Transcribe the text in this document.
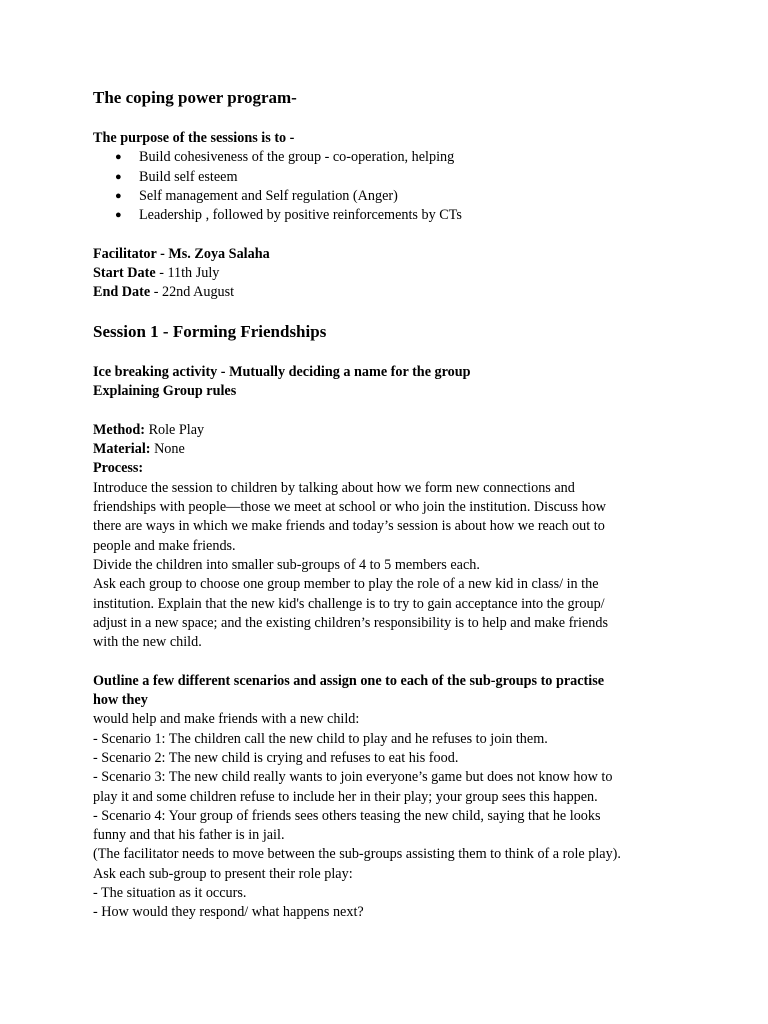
The coping power program-

The purpose of the sessions is to -

● Build cohesiveness of the group - co-operation, helping
● Build self esteem
● Self management and Self regulation (Anger)
● Leadership , followed by positive reinforcements by CTs

Facilitator - Ms. Zoya Salaha

Start Date - 11th July

End Date - 22nd August

Session 1 - Forming Friendships

Ice breaking activity - Mutually deciding a name for the group

Explaining Group rules

Method: Role Play

Material: None

Process:

Introduce the session to children by talking about how we form new connections and

friendships with people—those we meet at school or who join the institution. Discuss how

there are ways in which we make friends and today’s session is about how we reach out to

people and make friends.

Divide the children into smaller sub-groups of 4 to 5 members each.

Ask each group to choose one group member to play the role of a new kid in class/ in the

institution. Explain that the new kid's challenge is to try to gain acceptance into the group/

adjust in a new space; and the existing children’s responsibility is to help and make friends

with the new child.

Outline a few different scenarios and assign one to each of the sub-groups to practise

how they

would help and make friends with a new child:

- Scenario 1: The children call the new child to play and he refuses to join them.

- Scenario 2: The new child is crying and refuses to eat his food.

- Scenario 3: The new child really wants to join everyone’s game but does not know how to

play it and some children refuse to include her in their play; your group sees this happen.

- Scenario 4: Your group of friends sees others teasing the new child, saying that he looks

funny and that his father is in jail.

(The facilitator needs to move between the sub-groups assisting them to think of a role play).

Ask each sub-group to present their role play:

- The situation as it occurs.

- How would they respond/ what happens next?
